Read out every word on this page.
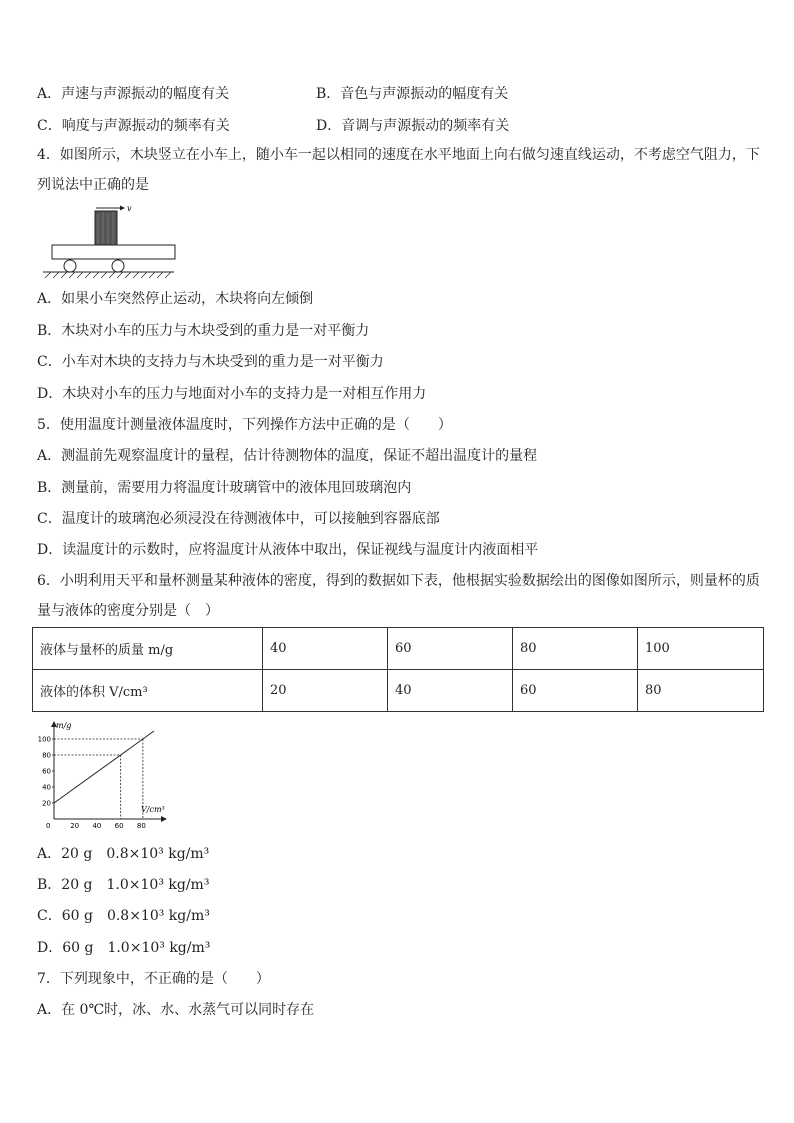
A．声速与声源振动的幅度有关	B．音色与声源振动的幅度有关
C．响度与声源振动的频率有关	D．音调与声源振动的频率有关
4．如图所示，木块竖立在小车上，随小车一起以相同的速度在水平地面上向右做匀速直线运动，不考虑空气阻力，下列说法中正确的是
v
A．如果小车突然停止运动，木块将向左倾倒
B．木块对小车的压力与木块受到的重力是一对平衡力
C．小车对木块的支持力与木块受到的重力是一对平衡力
D．木块对小车的压力与地面对小车的支持力是一对相互作用力
5．使用温度计测量液体温度时，下列操作方法中正确的是（　　）
A．测温前先观察温度计的量程，估计待测物体的温度，保证不超出温度计的量程
B．测量前，需要用力将温度计玻璃管中的液体甩回玻璃泡内
C．温度计的玻璃泡必须浸没在待测液体中，可以接触到容器底部
D．读温度计的示数时，应将温度计从液体中取出，保证视线与温度计内液面相平
6．小明利用天平和量杯测量某种液体的密度，得到的数据如下表，他根据实验数据绘出的图像如图所示，则量杯的质量与液体的密度分别是（　）
液体与量杯的质量 m/g	40	60	80	100
液体的体积 V/cm³	20	40	60	80
0	20 40 60 80
20
40
60
80
100
m/g
V/cm³
A．20 g　0.8×10³ kg/m³
B．20 g　1.0×10³ kg/m³
C．60 g　0.8×10³ kg/m³
D．60 g　1.0×10³ kg/m³
7．下列现象中，不正确的是（　　）
A．在 0℃时，冰、水、水蒸气可以同时存在
